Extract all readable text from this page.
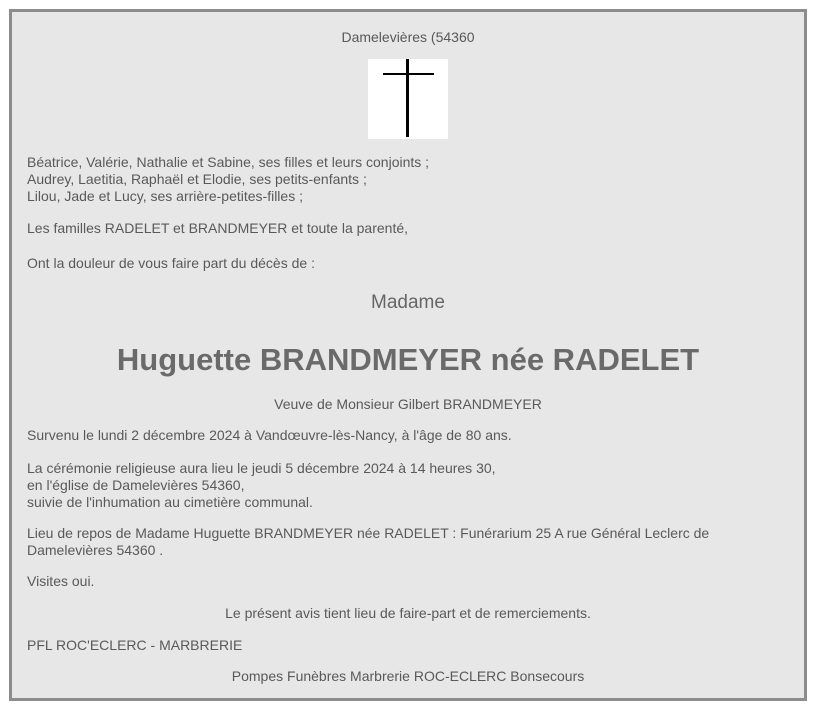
Damelevières (54360
Béatrice, Valérie, Nathalie et Sabine, ses filles et leurs conjoints ;
Audrey, Laetitia, Raphaël et Elodie, ses petits-enfants ;
Lilou, Jade et Lucy, ses arrière-petites-filles ;
Les familles RADELET et BRANDMEYER et toute la parenté,
Ont la douleur de vous faire part du décès de :
Madame
Huguette BRANDMEYER née RADELET
Veuve de Monsieur Gilbert BRANDMEYER
Survenu le lundi 2 décembre 2024 à Vandœuvre-lès-Nancy, à l'âge de 80 ans.
La cérémonie religieuse aura lieu le jeudi 5 décembre 2024 à 14 heures 30,
en l'église de Damelevières 54360,
suivie de l'inhumation au cimetière communal.
Lieu de repos de Madame Huguette BRANDMEYER née RADELET : Funérarium 25 A rue Général Leclerc de
Damelevières 54360 .
Visites oui.
Le présent avis tient lieu de faire-part et de remerciements.
PFL ROC'ECLERC - MARBRERIE
Pompes Funèbres Marbrerie ROC-ECLERC Bonsecours
